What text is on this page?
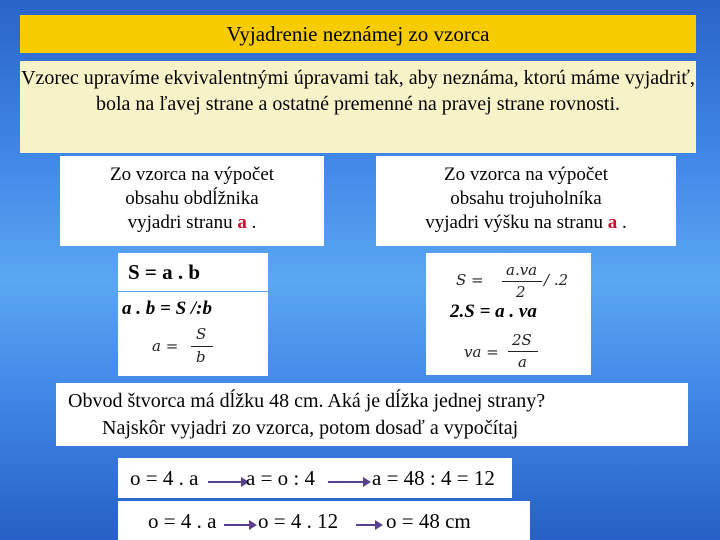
Vyjadrenie neznámej zo vzorca
Vzorec upravíme ekvivalentnými úpravami tak, aby neznáma, ktorú máme vyjadriť, bola na ľavej strane a ostatné premenné na pravej strane rovnosti.
Zo vzorca na výpočet
obsahu obdĺžnika
vyjadri stranu a .
Zo vzorca na výpočet
obsahu trojuholníka
vyjadri výšku na stranu a .
S = a . b
a . b = S /:b
a =
S
b
S =
a.va
2
/ .2
2.S = a . va
va =
2S
a
Obvod štvorca má dĺžku 48 cm. Aká je dĺžka jednej strany?
Najskôr vyjadri zo vzorca, potom dosaď a vypočítaj
o = 4 . a a = o : 4	a = 48 : 4 = 12
o = 4 . a o = 4 . 12 o = 48 cm
